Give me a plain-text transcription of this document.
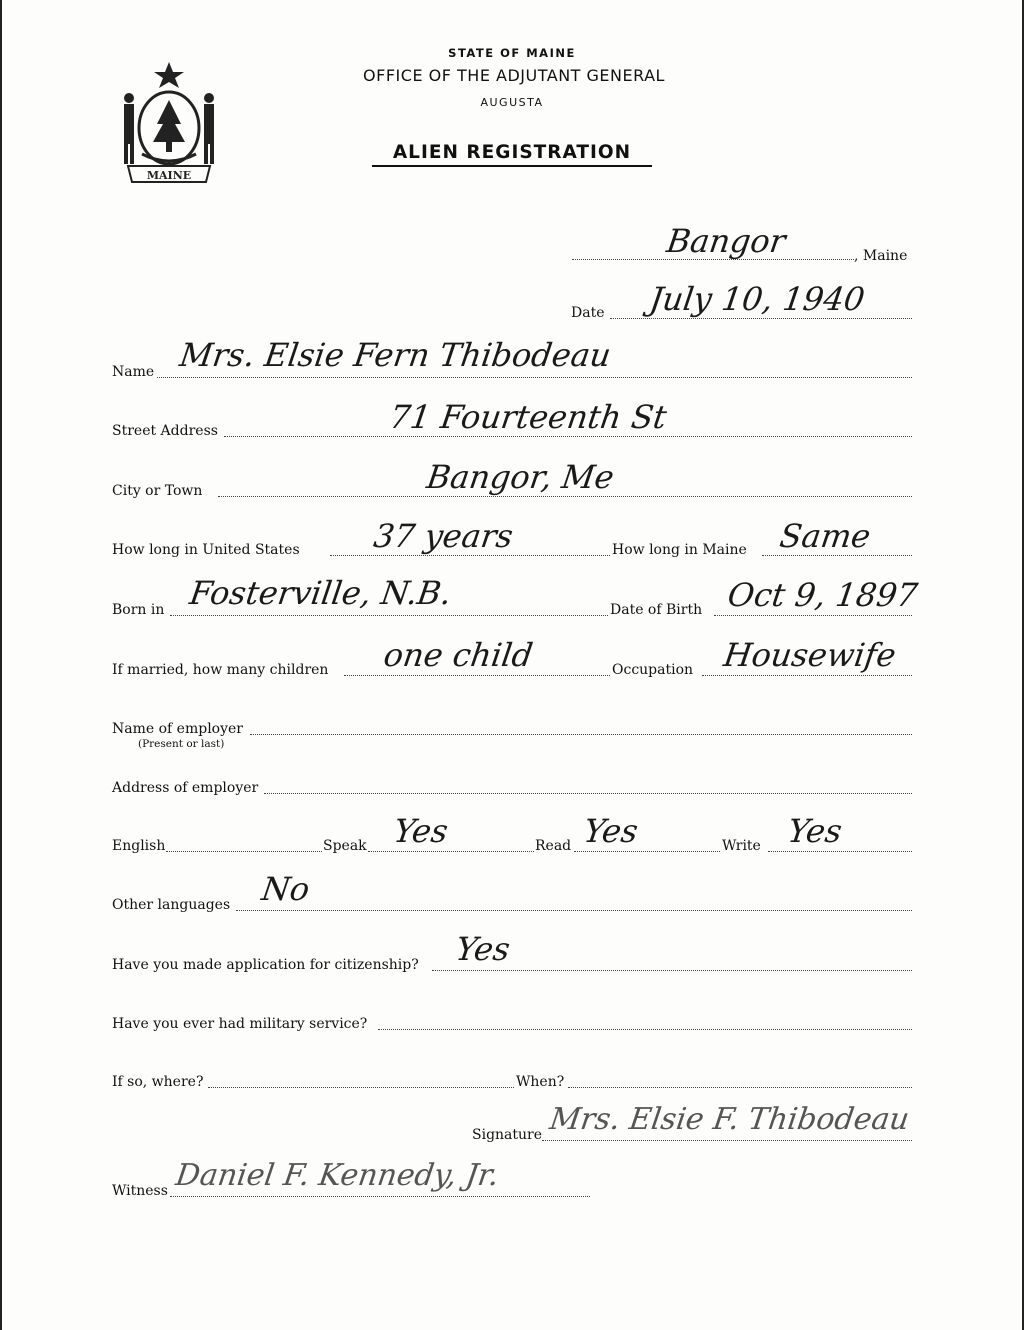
MAINE
STATE OF MAINE
OFFICE OF THE ADJUTANT GENERAL
AUGUSTA
ALIEN REGISTRATION
Bangor	, Maine
Date July 10, 1940
Name Mrs. Elsie Fern Thibodeau
Street Address	71 Fourteenth St
City or Town	Bangor, Me
How long in United States 37 years	How long in Maine Same
Born in Fosterville, N.B.	Date of Birth Oct 9, 1897
If married, how many children one child	Occupation Housewife
Name of employer
(Present or last)
Address of employer
English	Speak Yes	Read Yes	Write Yes
Other languages No
Have you made application for citizenship? Yes
Have you ever had military service?
If so, where?	When?
Signature Mrs. Elsie F. Thibodeau
Witness Daniel F. Kennedy, Jr.
